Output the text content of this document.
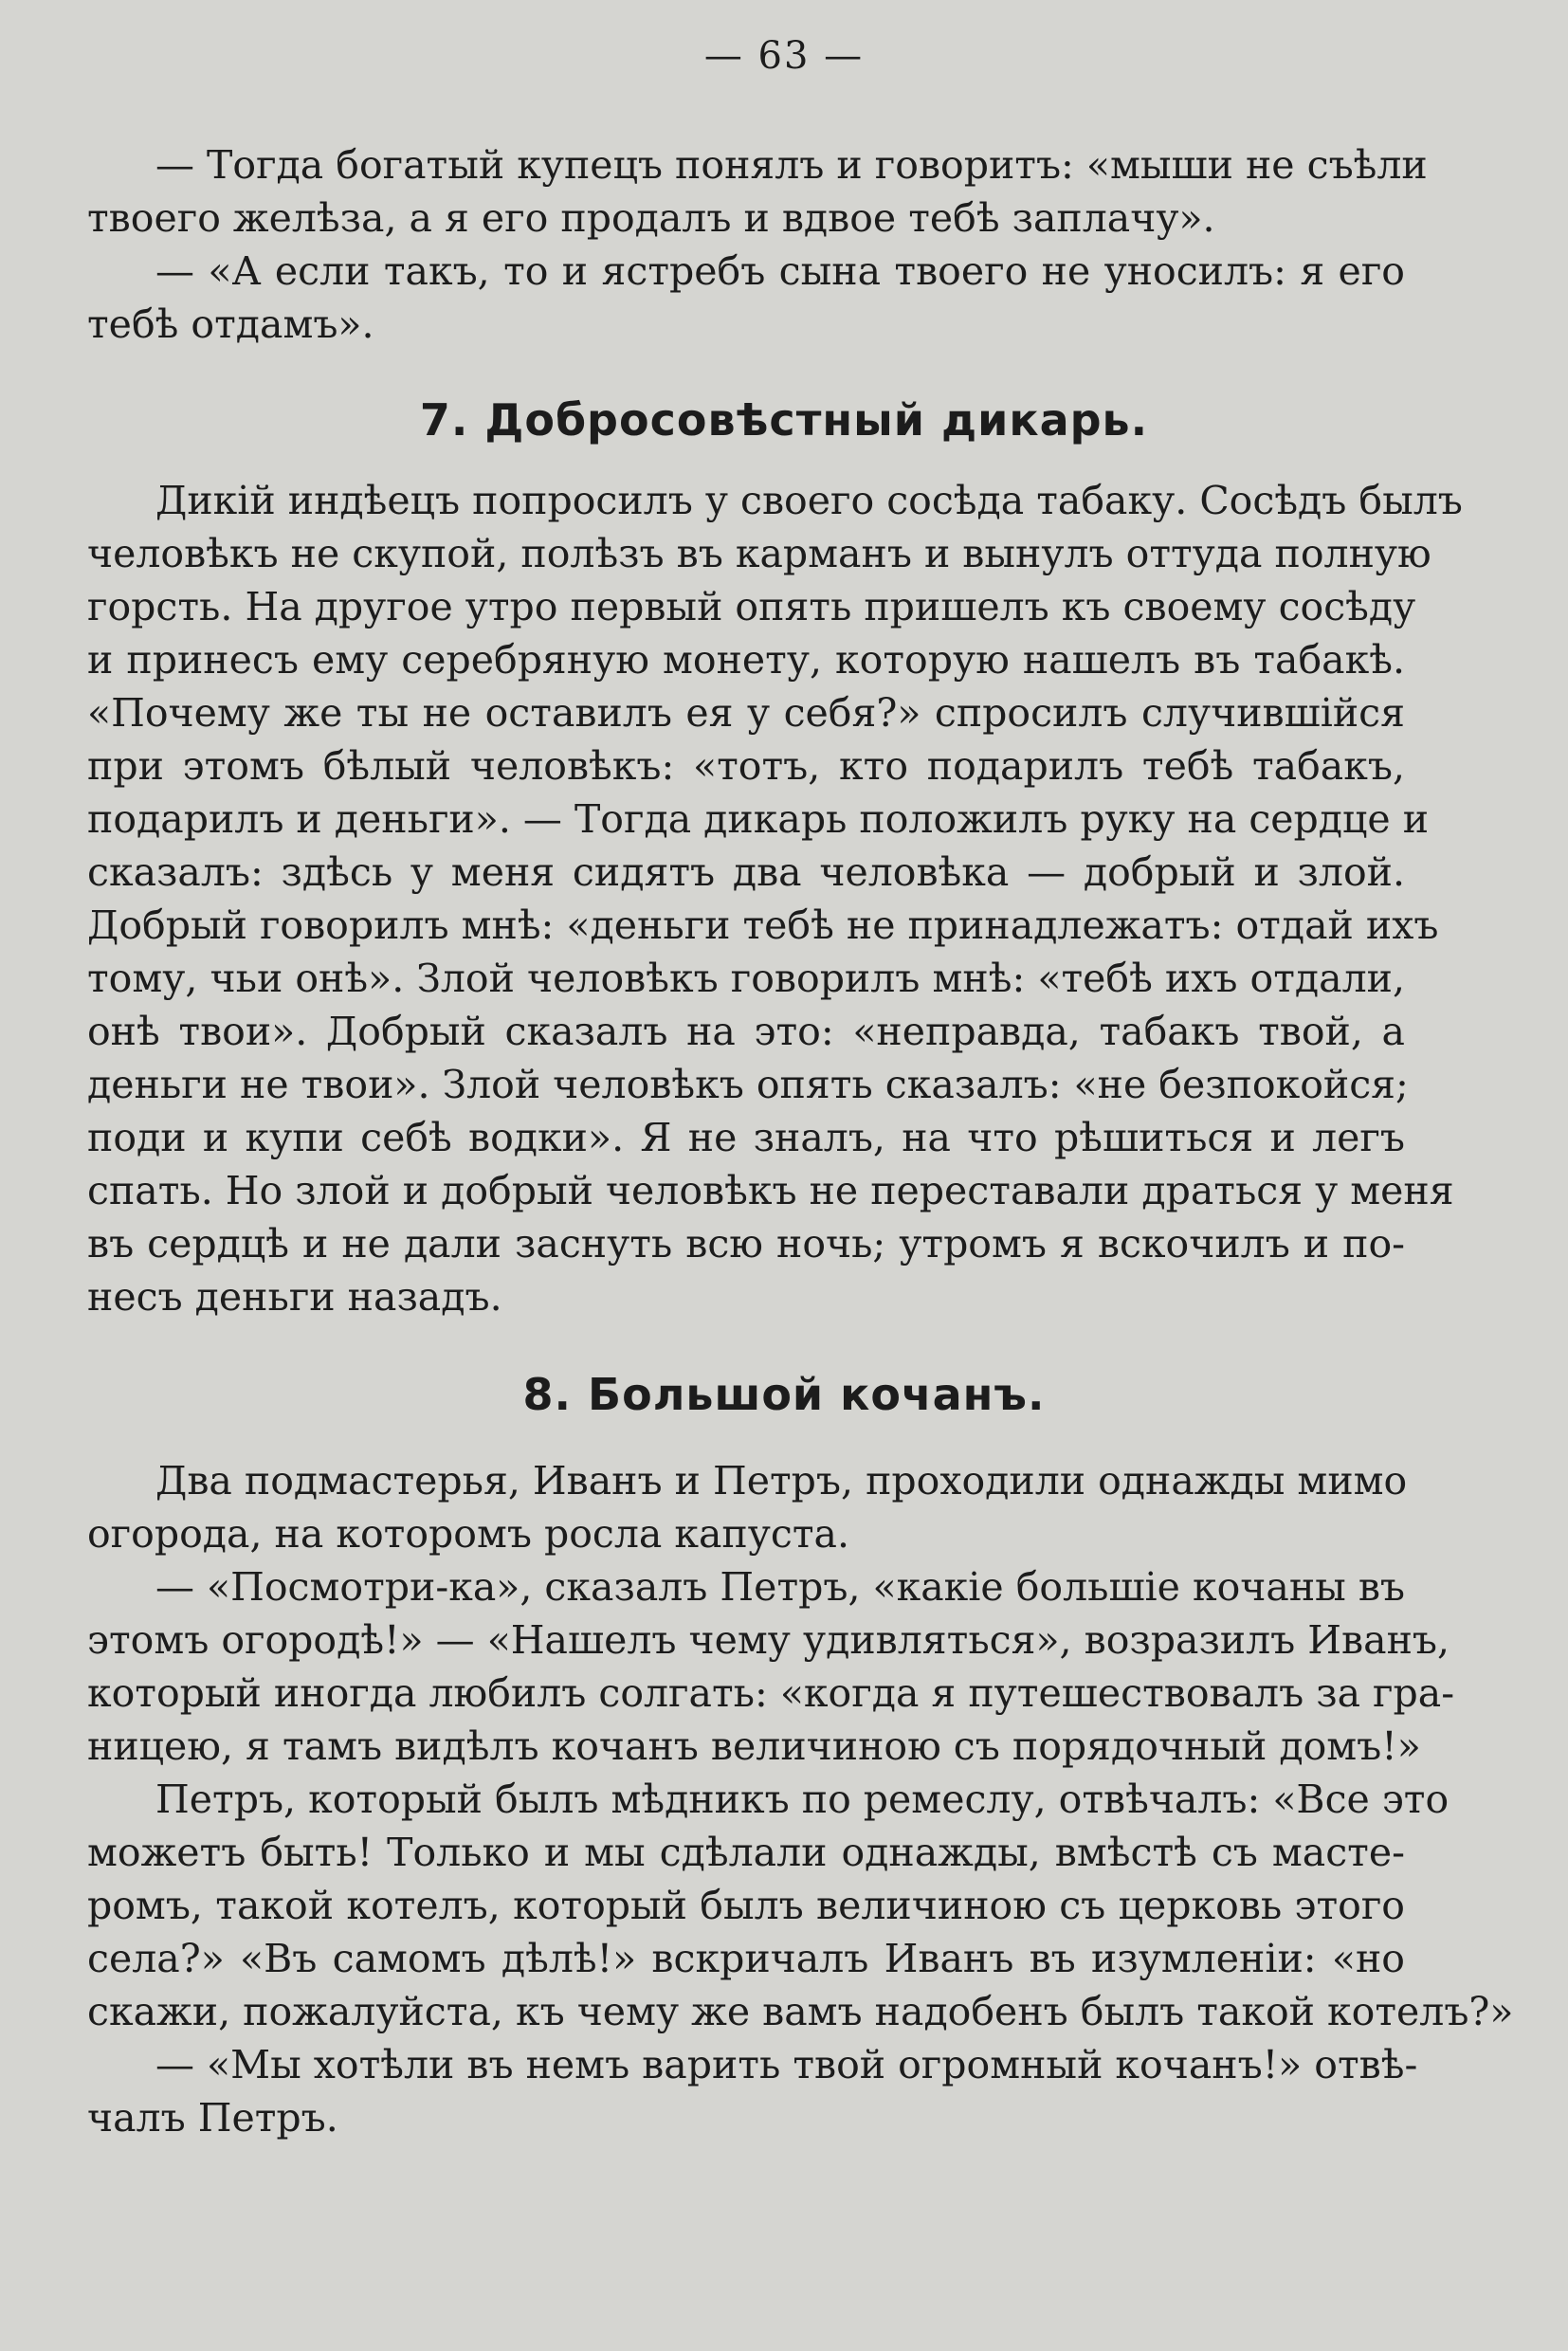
— 63 —
— Тогда богатый купецъ понялъ и говоритъ: «мыши не съѣли
твоего желѣза, а я его продалъ и вдвое тебѣ заплачу».
— «А если такъ, то и ястребъ сына твоего не уносилъ: я его
тебѣ отдамъ».
7. Добросовѣстный дикарь.
Дикій индѣецъ попросилъ у своего сосѣда табаку. Сосѣдъ былъ
человѣкъ не скупой, полѣзъ въ карманъ и вынулъ оттуда полную
горсть. На другое утро первый опять пришелъ къ своему сосѣду
и принесъ ему серебряную монету, которую нашелъ въ табакѣ.
«Почему же ты не оставилъ ея у себя?» спросилъ случившійся
при этомъ бѣлый человѣкъ: «тотъ, кто подарилъ тебѣ табакъ,
подарилъ и деньги». — Тогда дикарь положилъ руку на сердце и
сказалъ: здѣсь у меня сидятъ два человѣка — добрый и злой.
Добрый говорилъ мнѣ: «деньги тебѣ не принадлежатъ: отдай ихъ
тому, чьи онѣ». Злой человѣкъ говорилъ мнѣ: «тебѣ ихъ отдали,
онѣ твои». Добрый сказалъ на это: «неправда, табакъ твой, а
деньги не твои». Злой человѣкъ опять сказалъ: «не безпокойся;
поди и купи себѣ водки». Я не зналъ, на что рѣшиться и легъ
спать. Но злой и добрый человѣкъ не переставали драться у меня
въ сердцѣ и не дали заснуть всю ночь; утромъ я вскочилъ и по-
несъ деньги назадъ.
8. Большой кочанъ.
Два подмастерья, Иванъ и Петръ, проходили однажды мимо
огорода, на которомъ росла капуста.
— «Посмотри-ка», сказалъ Петръ, «какіе большіе кочаны въ
этомъ огородѣ!» — «Нашелъ чему удивляться», возразилъ Иванъ,
который иногда любилъ солгать: «когда я путешествовалъ за гра-
ницею, я тамъ видѣлъ кочанъ величиною съ порядочный домъ!»
Петръ, который былъ мѣдникъ по ремеслу, отвѣчалъ: «Все это
можетъ быть! Только и мы сдѣлали однажды, вмѣстѣ съ масте-
ромъ, такой котелъ, который былъ величиною съ церковь этого
села?» «Въ самомъ дѣлѣ!» вскричалъ Иванъ въ изумленіи: «но
скажи, пожалуйста, къ чему же вамъ надобенъ былъ такой котелъ?»
— «Мы хотѣли въ немъ варить твой огромный кочанъ!» отвѣ-
чалъ Петръ.
